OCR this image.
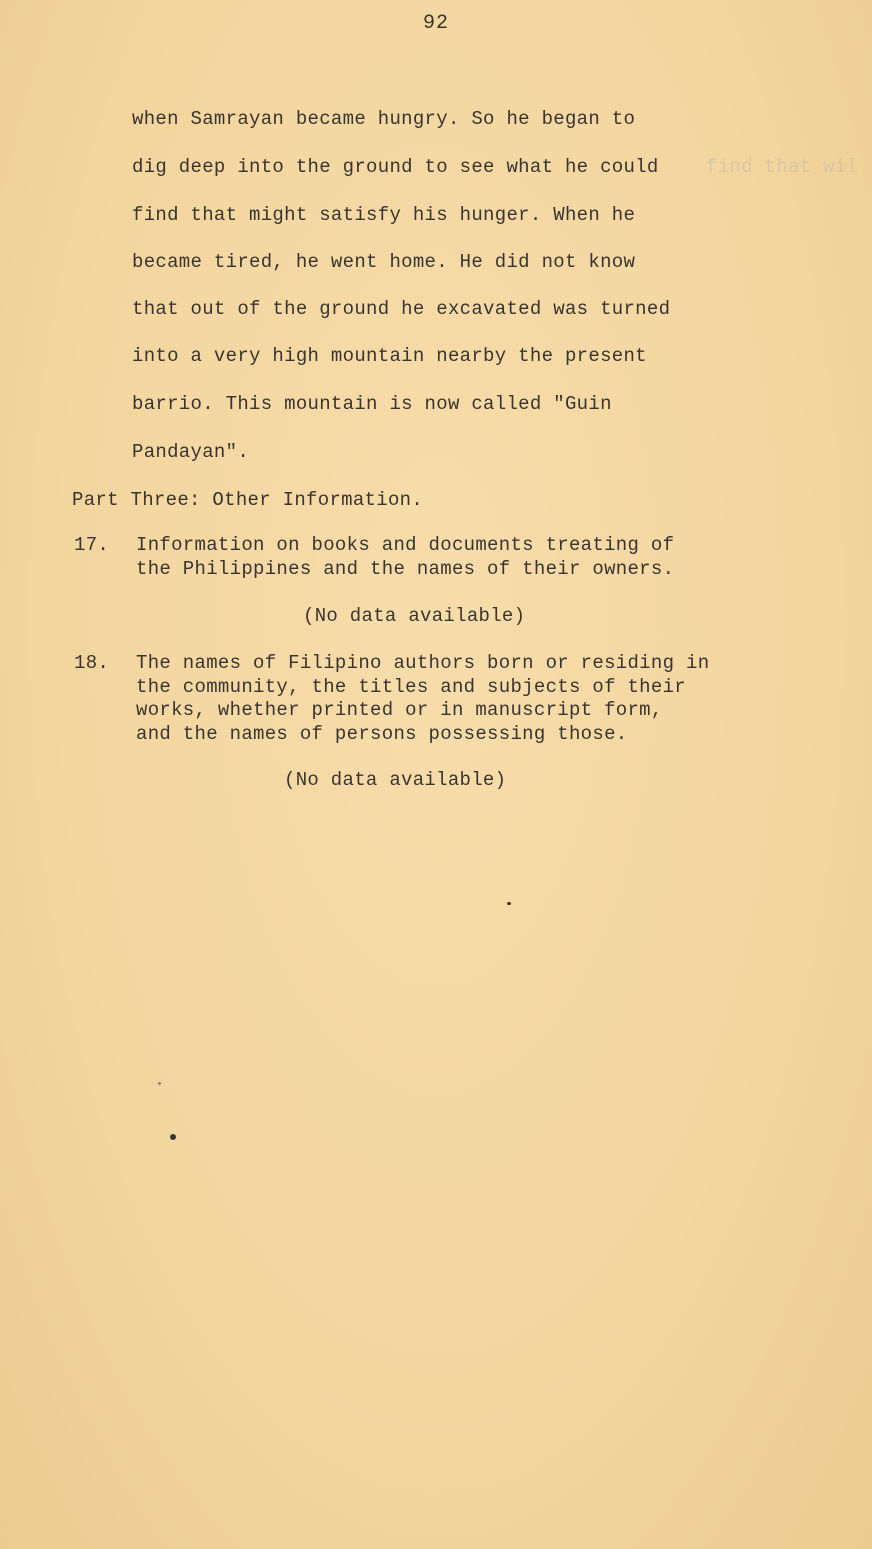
92
when Samrayan became hungry. So he began to
dig deep into the ground to see what he could find that wil
find that might satisfy his hunger. When he
became tired, he went home. He did not know
that out of the ground he excavated was turned
into a very high mountain nearby the present
barrio. This mountain is now called "Guin
Pandayan".
Part Three: Other Information.
17. Information on books and documents treating of
the Philippines and the names of their owners.
(No data available)
18. The names of Filipino authors born or residing in
the community, the titles and subjects of their
works, whether printed or in manuscript form,
and the names of persons possessing those.
(No data available)
